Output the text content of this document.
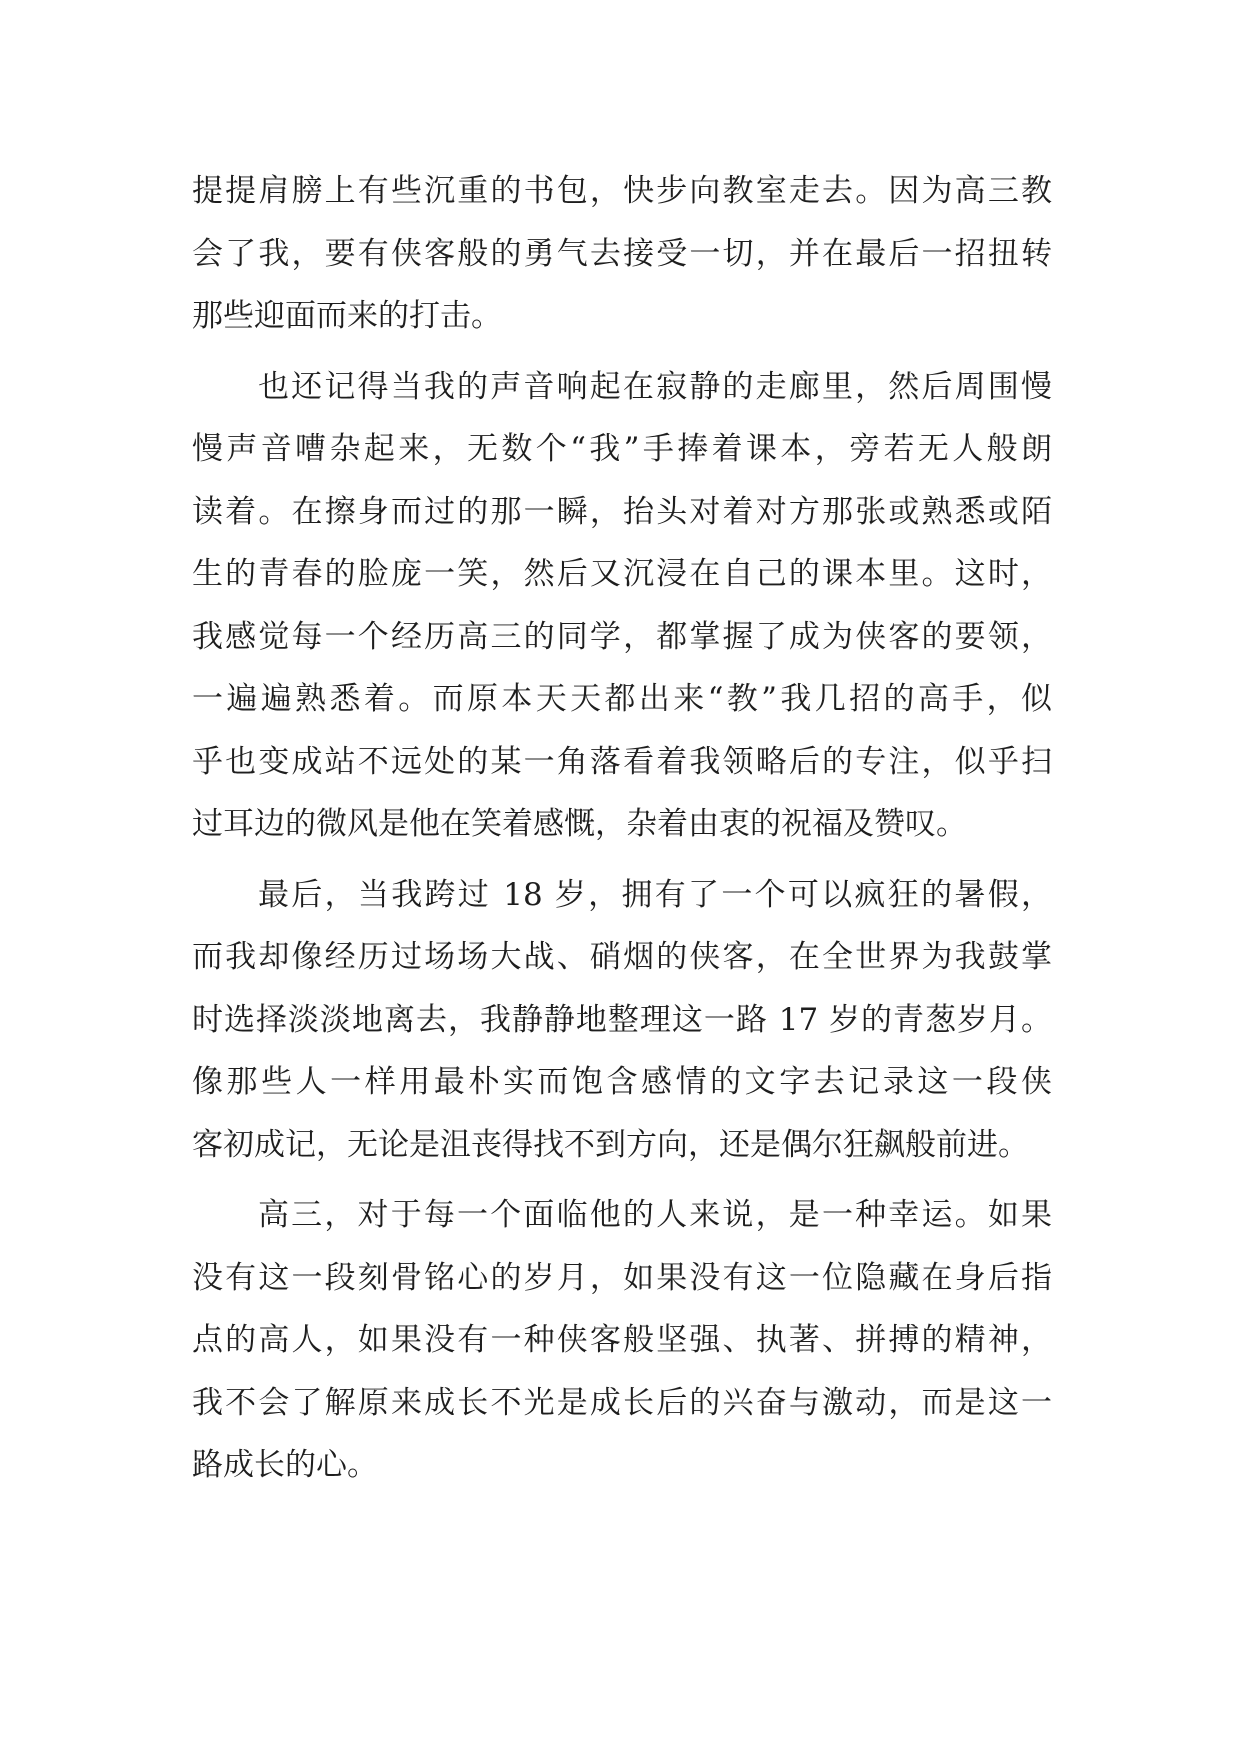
提提肩膀上有些沉重的书包，快步向教室走去。因为高三教
会了我，要有侠客般的勇气去接受一切，并在最后一招扭转
那些迎面而来的打击。
也还记得当我的声音响起在寂静的走廊里，然后周围慢
慢声音嘈杂起来，无数个“我”手捧着课本，旁若无人般朗
读着。在擦身而过的那一瞬，抬头对着对方那张或熟悉或陌
生的青春的脸庞一笑，然后又沉浸在自己的课本里。这时，
我感觉每一个经历高三的同学，都掌握了成为侠客的要领，
一遍遍熟悉着。而原本天天都出来“教”我几招的高手，似
乎也变成站不远处的某一角落看着我领略后的专注，似乎扫
过耳边的微风是他在笑着感慨，杂着由衷的祝福及赞叹。
最后，当我跨过 18 岁，拥有了一个可以疯狂的暑假，
而我却像经历过场场大战、硝烟的侠客，在全世界为我鼓掌
时选择淡淡地离去，我静静地整理这一路 17 岁的青葱岁月。
像那些人一样用最朴实而饱含感情的文字去记录这一段侠
客初成记，无论是沮丧得找不到方向，还是偶尔狂飙般前进。
高三，对于每一个面临他的人来说，是一种幸运。如果
没有这一段刻骨铭心的岁月，如果没有这一位隐藏在身后指
点的高人，如果没有一种侠客般坚强、执著、拼搏的精神，
我不会了解原来成长不光是成长后的兴奋与激动，而是这一
路成长的心。
